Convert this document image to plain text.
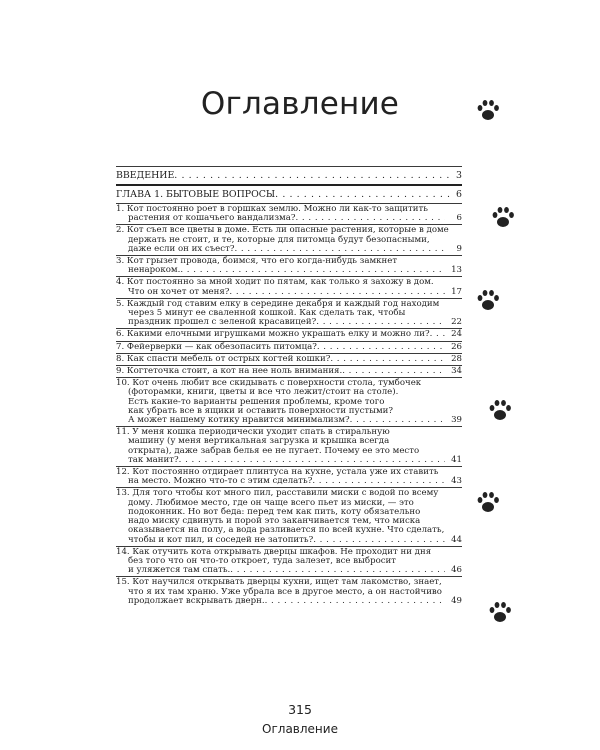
Оглавление
ВВЕДЕНИЕ . . .	3
ГЛАВА 1. БЫТОВЫЕ ВОПРОСЫ . . .	6
1. Кот постоянно роет в горшках землю. Можно ли как-то защитить
растения от кошачьего вандализма? . . .	6
2. Кот съел все цветы в доме. Есть ли опасные растения, которые в доме
держать не стоит, и те, которые для питомца будут безопасными,
даже если он их съест? . . .	9
3. Кот грызет провода, боимся, что его когда-нибудь замкнет
ненароком. . . .	13
4. Кот постоянно за мной ходит по пятам, как только я захожу в дом.
Что он хочет от меня? . . .	17
5. Каждый год ставим елку в середине декабря и каждый год находим
через 5 минут ее сваленной кошкой. Как сделать так, чтобы
праздник прошел с зеленой красавицей? . . .	22
6. Какими елочными игрушками можно украшать елку и можно ли? . . .	24
7. Фейерверки — как обезопасить питомца? . . .	26
8. Как спасти мебель от острых когтей кошки? . . .	28
9. Когтеточка стоит, а кот на нее ноль внимания. . . .	34
10. Кот очень любит все скидывать с поверхности стола, тумбочек
(фоторамки, книги, цветы и все что лежит/стоит на столе).
Есть какие-то варианты решения проблемы, кроме того
как убрать все в ящики и оставить поверхности пустыми?
А может нашему котику нравится минимализм? . . .	39
11. У меня кошка периодически уходит спать в стиральную
машину (у меня вертикальная загрузка и крышка всегда
открыта), даже забрав белья ее не пугает. Почему ее это место
так манит? . . .	41
12. Кот постоянно отдирает плинтуса на кухне, устала уже их ставить
на место. Можно что-то с этим сделать? . . .	43
13. Для того чтобы кот много пил, расставили миски с водой по всему
дому. Любимое место, где он чаще всего пьет из миски, — это
подоконник. Но вот беда: перед тем как пить, коту обязательно
надо миску сдвинуть и порой это заканчивается тем, что миска
оказывается на полу, а вода разливается по всей кухне. Что сделать,
чтобы и кот пил, и соседей не затопить? . . .	44
14. Как отучить кота открывать дверцы шкафов. Не проходит ни дня
без того что он что-то откроет, туда залезет, все выбросит
и уляжется там спать. . . .	46
15. Кот научился открывать дверцы кухни, ищет там лакомство, знает,
что я их там храню. Уже убрала все в другое место, а он настойчиво
продолжает вскрывать дверн. . . .	49
315
Оглавление
